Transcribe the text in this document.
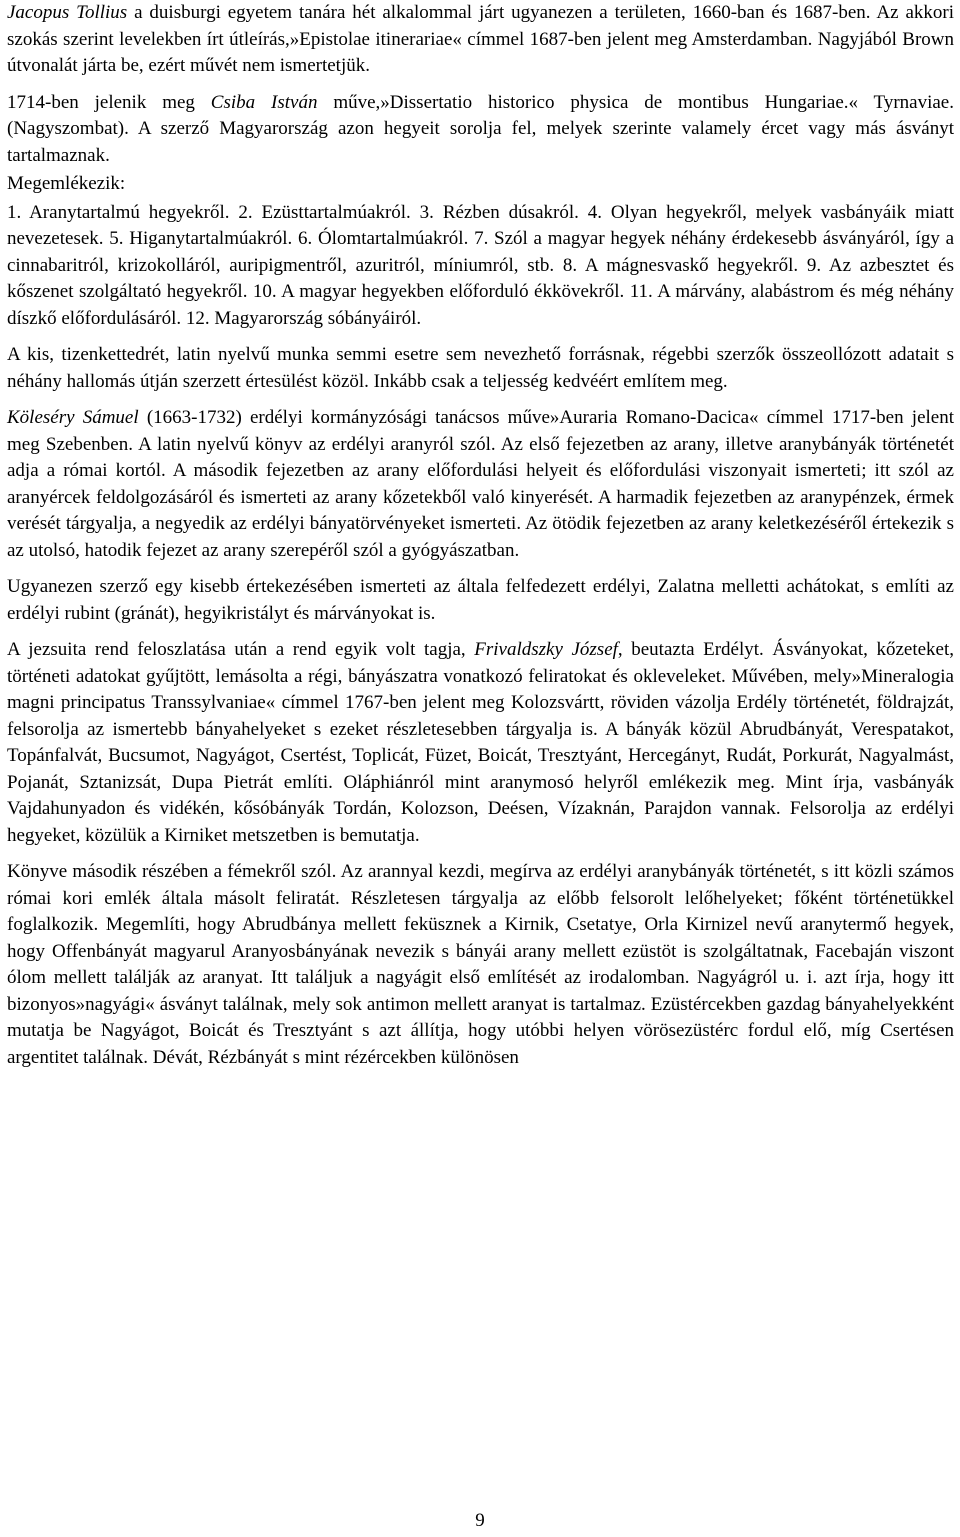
Jacopus Tollius a duisburgi egyetem tanára hét alkalommal járt ugyanezen a területen, 1660-ban és 1687-ben. Az akkori szokás szerint levelekben írt útleírás,»Epistolae itinerariae« címmel 1687-ben jelent meg Amsterdamban. Nagyjából Brown útvonalát járta be, ezért művét nem ismertetjük.

1714-ben jelenik meg Csiba István műve,»Dissertatio historico physica de montibus Hungariae.« Tyrnaviae. (Nagyszombat). A szerző Magyarország azon hegyeit sorolja fel, melyek szerinte valamely ércet vagy más ásványt tartalmaznak.

Megemlékezik:

1. Aranytartalmú hegyekről. 2. Ezüsttartalmúakról. 3. Rézben dúsakról. 4. Olyan hegyekről, melyek vasbányáik miatt nevezetesek. 5. Higanytartalmúakról. 6. Ólomtartalmúakról. 7. Szól a magyar hegyek néhány érdekesebb ásványáról, így a cinnabaritról, krizokolláról, auripigmentről, azuritról, míniumról, stb. 8. A mágnesvaskő hegyekről. 9. Az azbesztet és kőszenet szolgáltató hegyekről. 10. A magyar hegyekben előforduló ékkövekről. 11. A márvány, alabástrom és még néhány díszkő előfordulásáról. 12. Magyarország sóbányáiról.

A kis, tizenkettedrét, latin nyelvű munka semmi esetre sem nevezhető forrásnak, régebbi szerzők összeollózott adatait s néhány hallomás útján szerzett értesülést közöl. Inkább csak a teljesség kedvéért említem meg.

Köleséry Sámuel (1663-1732) erdélyi kormányzósági tanácsos műve»Auraria Romano-Dacica« címmel 1717-ben jelent meg Szebenben. A latin nyelvű könyv az erdélyi aranyról szól. Az első fejezetben az arany, illetve aranybányák történetét adja a római kortól. A második fejezetben az arany előfordulási helyeit és előfordulási viszonyait ismerteti; itt szól az aranyércek feldolgozásáról és ismerteti az arany kőzetekből való kinyerését. A harmadik fejezetben az aranypénzek, érmek verését tárgyalja, a negyedik az erdélyi bányatörvényeket ismerteti. Az ötödik fejezetben az arany keletkezéséről értekezik s az utolsó, hatodik fejezet az arany szerepéről szól a gyógyászatban.

Ugyanezen szerző egy kisebb értekezésében ismerteti az általa felfedezett erdélyi, Zalatna melletti achátokat, s említi az erdélyi rubint (gránát), hegyikristályt és márványokat is.

A jezsuita rend feloszlatása után a rend egyik volt tagja, Frivaldszky József, beutazta Erdélyt. Ásványokat, kőzeteket, történeti adatokat gyűjtött, lemásolta a régi, bányászatra vonatkozó feliratokat és okleveleket. Művében, mely»Mineralogia magni principatus Transsylvaniae« címmel 1767-ben jelent meg Kolozsvártt, röviden vázolja Erdély történetét, földrajzát, felsorolja az ismertebb bányahelyeket s ezeket részletesebben tárgyalja is. A bányák közül Abrudbányát, Verespatakot, Topánfalvát, Bucsumot, Nagyágot, Csertést, Toplicát, Füzet, Boicát, Tresztyánt, Hercegányt, Rudát, Porkurát, Nagyalmást, Pojanát, Sztanizsát, Dupa Pietrát említi. Oláphiánról mint aranymosó helyről emlékezik meg. Mint írja, vasbányák Vajdahunyadon és vidékén, kősóbányák Tordán, Kolozson, Deésen, Vízaknán, Parajdon vannak. Felsorolja az erdélyi hegyeket, közülük a Kirniket metszetben is bemutatja.

Könyve második részében a fémekről szól. Az arannyal kezdi, megírva az erdélyi aranybányák történetét, s itt közli számos római kori emlék általa másolt feliratát. Részletesen tárgyalja az előbb felsorolt lelőhelyeket; főként történetükkel foglalkozik. Megemlíti, hogy Abrudbánya mellett feküsznek a Kirnik, Csetatye, Orla Kirnizel nevű aranytermő hegyek, hogy Offenbányát magyarul Aranyosbányának nevezik s bányái arany mellett ezüstöt is szolgáltatnak, Facebaján viszont ólom mellett találják az aranyat. Itt találjuk a nagyágit első említését az irodalomban. Nagyágról u. i. azt írja, hogy itt bizonyos»nagyági« ásványt találnak, mely sok antimon mellett aranyat is tartalmaz. Ezüstércekben gazdag bányahelyekként mutatja be Nagyágot, Boicát és Tresztyánt s azt állítja, hogy utóbbi helyen vörösezüstérc fordul elő, míg Csertésen argentitet találnak. Dévát, Rézbányát s mint rézércekben különösen

9
